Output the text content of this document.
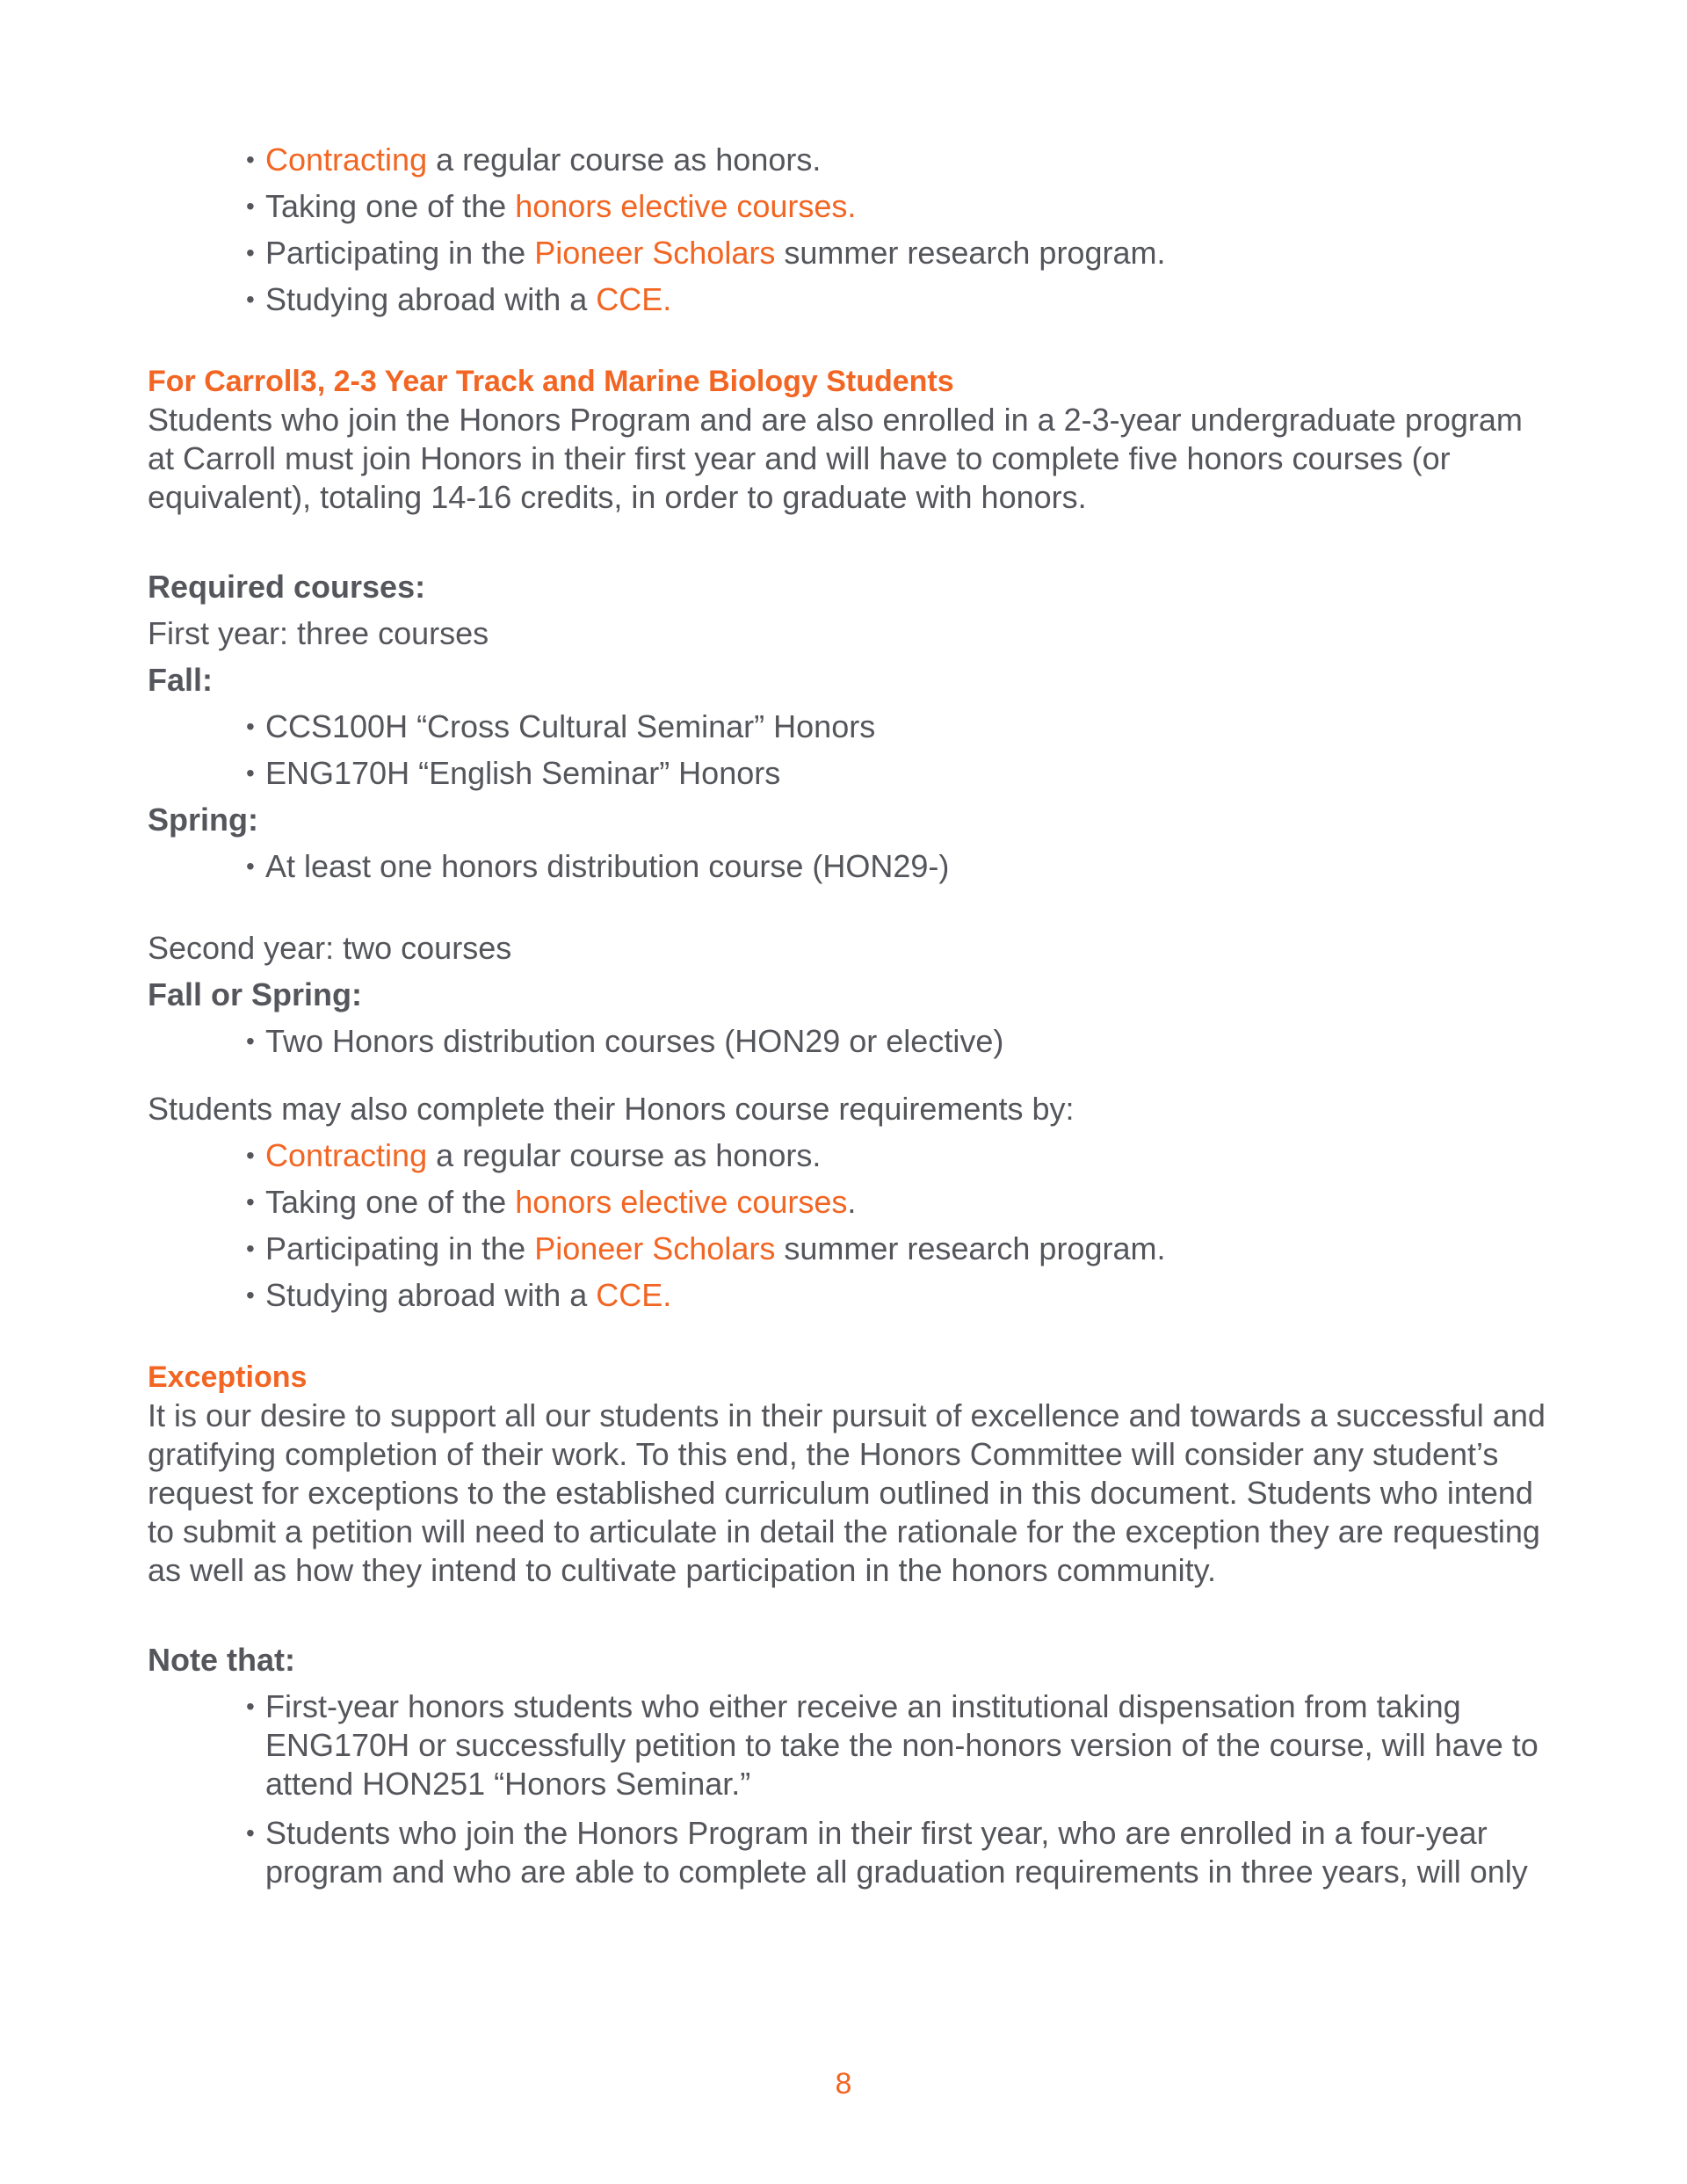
• Contracting a regular course as honors.
• Taking one of the honors elective courses.
• Participating in the Pioneer Scholars summer research program.
• Studying abroad with a CCE.
For Carroll3, 2-3 Year Track and Marine Biology Students

Students who join the Honors Program and are also enrolled in a 2-3-year undergraduate program at Carroll must join Honors in their first year and will have to complete five honors courses (or equivalent), totaling 14-16 credits, in order to graduate with honors.

Required courses:

First year: three courses

Fall:

• CCS100H “Cross Cultural Seminar” Honors
• ENG170H “English Seminar” Honors

Spring:

• At least one honors distribution course (HON29-)

Second year: two courses

Fall or Spring:

• Two Honors distribution courses (HON29 or elective)

Students may also complete their Honors course requirements by:

• Contracting a regular course as honors.
• Taking one of the honors elective courses.
• Participating in the Pioneer Scholars summer research program.
• Studying abroad with a CCE.
Exceptions

It is our desire to support all our students in their pursuit of excellence and towards a successful and gratifying completion of their work. To this end, the Honors Committee will consider any student’s request for exceptions to the established curriculum outlined in this document. Students who intend to submit a petition will need to articulate in detail the rationale for the exception they are requesting as well as how they intend to cultivate participation in the honors community.

Note that:

• First-year honors students who either receive an institutional dispensation from taking ENG170H or successfully petition to take the non-honors version of the course, will have to attend HON251 “Honors Seminar.”
• Students who join the Honors Program in their first year, who are enrolled in a four-year program and who are able to complete all graduation requirements in three years, will only
8
